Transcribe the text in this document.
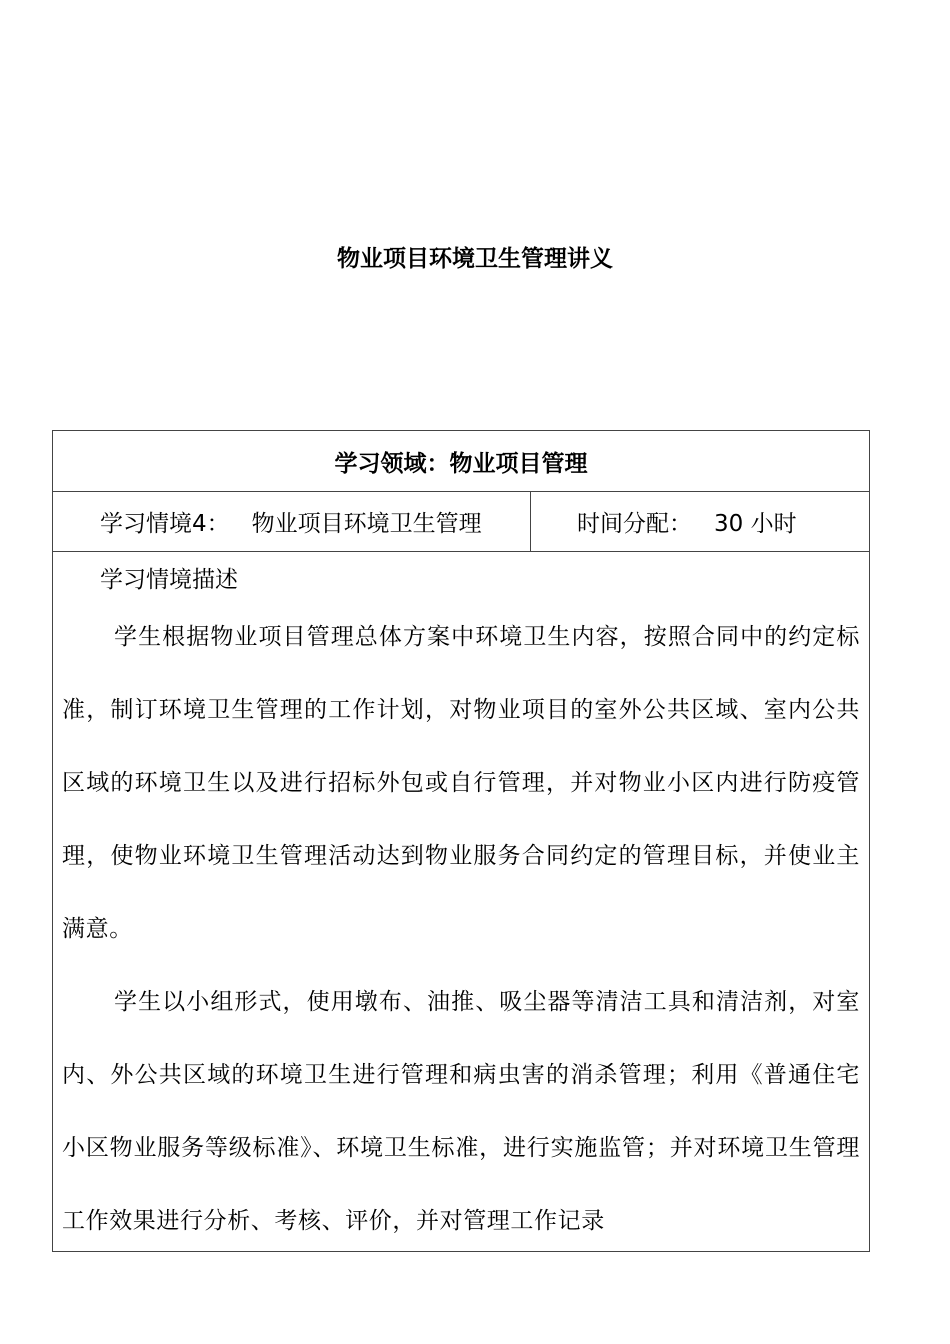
物业项目环境卫生管理讲义
学习领域：物业项目管理
学习情境4： 物业项目环境卫生管理	时间分配： 30 小时
学习情境描述

学生根据物业项目管理总体方案中环境卫生内容，按照合同中的约定标准，制订环境卫生管理的工作计划，对物业项目的室外公共区域、室内公共区域的环境卫生以及进行招标外包或自行管理，并对物业小区内进行防疫管理，使物业环境卫生管理活动达到物业服务合同约定的管理目标，并使业主满意。

学生以小组形式，使用墩布、油推、吸尘器等清洁工具和清洁剂，对室内、外公共区域的环境卫生进行管理和病虫害的消杀管理；利用《普通住宅小区物业服务等级标准》、环境卫生标准，进行实施监管；并对环境卫生管理工作效果进行分析、考核、评价，并对管理工作记录
